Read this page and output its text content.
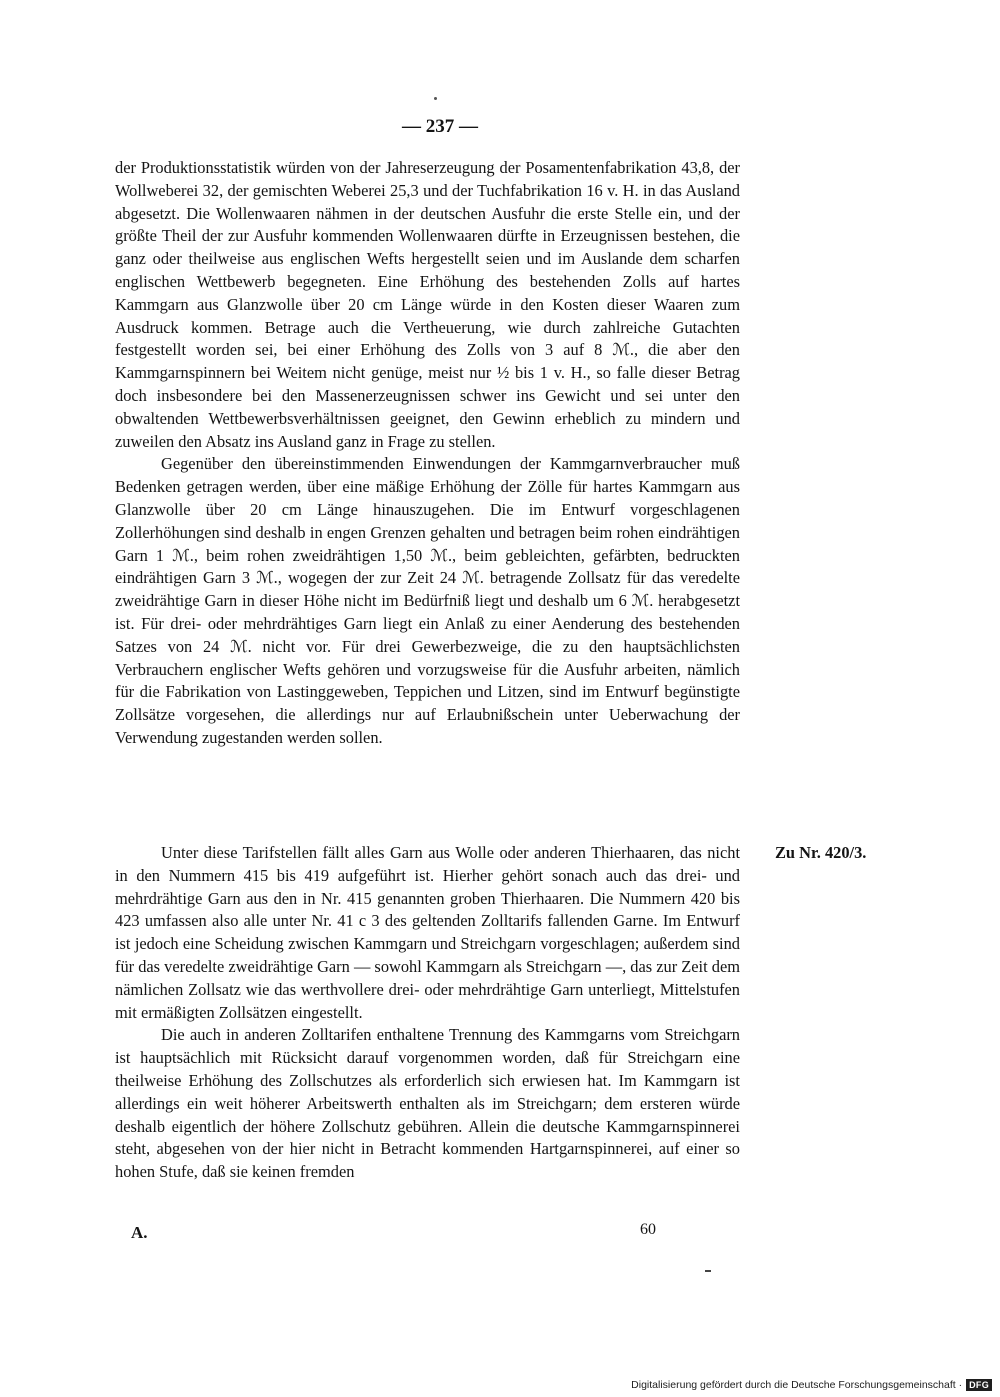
— 237 —

der Produktionsstatistik würden von der Jahreserzeugung der Posamentenfabrikation 43,8, der Wollweberei 32, der gemischten Weberei 25,3 und der Tuchfabrikation 16 v. H. in das Ausland abgesetzt. Die Wollenwaaren nähmen in der deutschen Ausfuhr die erste Stelle ein, und der größte Theil der zur Ausfuhr kommenden Wollenwaaren dürfte in Erzeugnissen bestehen, die ganz oder theilweise aus englischen Wefts hergestellt seien und im Auslande dem scharfen englischen Wettbewerb begegneten. Eine Erhöhung des bestehenden Zolls auf hartes Kammgarn aus Glanzwolle über 20 cm Länge würde in den Kosten dieser Waaren zum Ausdruck kommen. Betrage auch die Vertheuerung, wie durch zahlreiche Gutachten festgestellt worden sei, bei einer Erhöhung des Zolls von 3 auf 8 ℳ., die aber den Kammgarnspinnern bei Weitem nicht genüge, meist nur ½ bis 1 v. H., so falle dieser Betrag doch insbesondere bei den Massenerzeugnissen schwer ins Gewicht und sei unter den obwaltenden Wettbewerbsverhältnissen geeignet, den Gewinn erheblich zu mindern und zuweilen den Absatz ins Ausland ganz in Frage zu stellen.

Gegenüber den übereinstimmenden Einwendungen der Kammgarnverbraucher muß Bedenken getragen werden, über eine mäßige Erhöhung der Zölle für hartes Kammgarn aus Glanzwolle über 20 cm Länge hinauszugehen. Die im Entwurf vorgeschlagenen Zollerhöhungen sind deshalb in engen Grenzen gehalten und betragen beim rohen eindrähtigen Garn 1 ℳ., beim rohen zweidrähtigen 1,50 ℳ., beim gebleichten, gefärbten, bedruckten eindrähtigen Garn 3 ℳ., wogegen der zur Zeit 24 ℳ. betragende Zollsatz für das veredelte zweidrähtige Garn in dieser Höhe nicht im Bedürfniß liegt und deshalb um 6 ℳ. herabgesetzt ist. Für drei- oder mehrdrähtiges Garn liegt ein Anlaß zu einer Aenderung des bestehenden Satzes von 24 ℳ. nicht vor. Für drei Gewerbezweige, die zu den hauptsächlichsten Verbrauchern englischer Wefts gehören und vorzugsweise für die Ausfuhr arbeiten, nämlich für die Fabrikation von Lastinggeweben, Teppichen und Litzen, sind im Entwurf begünstigte Zollsätze vorgesehen, die allerdings nur auf Erlaubnißschein unter Ueberwachung der Verwendung zugestanden werden sollen.

Zu Nr. 420/3.

Unter diese Tarifstellen fällt alles Garn aus Wolle oder anderen Thierhaaren, das nicht in den Nummern 415 bis 419 aufgeführt ist. Hierher gehört sonach auch das drei- und mehrdrähtige Garn aus den in Nr. 415 genannten groben Thierhaaren. Die Nummern 420 bis 423 umfassen also alle unter Nr. 41 c 3 des geltenden Zolltarifs fallenden Garne. Im Entwurf ist jedoch eine Scheidung zwischen Kammgarn und Streichgarn vorgeschlagen; außerdem sind für das veredelte zweidrähtige Garn — sowohl Kammgarn als Streichgarn —, das zur Zeit dem nämlichen Zollsatz wie das werthvollere drei- oder mehrdrähtige Garn unterliegt, Mittelstufen mit ermäßigten Zollsätzen eingestellt.

Die auch in anderen Zolltarifen enthaltene Trennung des Kammgarns vom Streichgarn ist hauptsächlich mit Rücksicht darauf vorgenommen worden, daß für Streichgarn eine theilweise Erhöhung des Zollschutzes als erforderlich sich erwiesen hat. Im Kammgarn ist allerdings ein weit höherer Arbeitswerth enthalten als im Streichgarn; dem ersteren würde deshalb eigentlich der höhere Zollschutz gebühren. Allein die deutsche Kammgarnspinnerei steht, abgesehen von der hier nicht in Betracht kommenden Hartgarnspinnerei, auf einer so hohen Stufe, daß sie keinen fremden

A.	60
Digitalisierung gefördert durch die Deutsche Forschungsgemeinschaft · DFG
